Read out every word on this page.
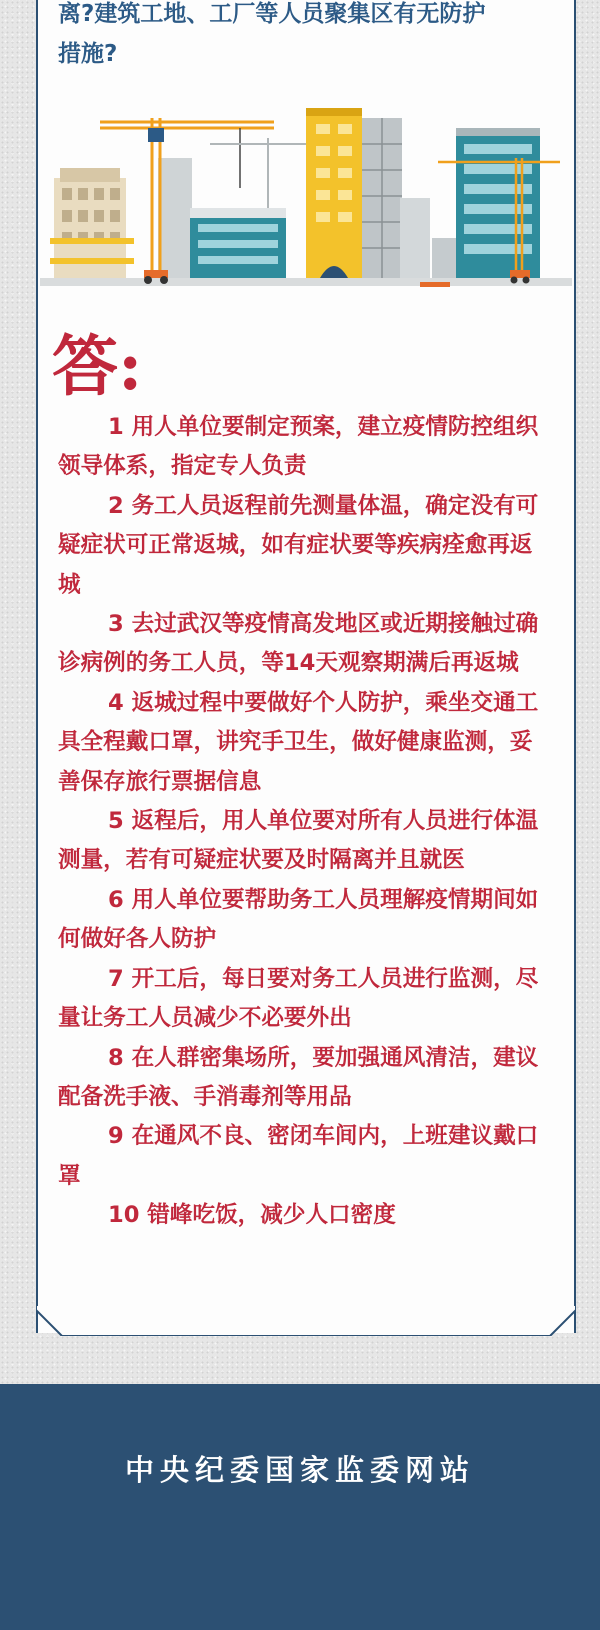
离?建筑工地、工厂等人员聚集区有无防护
措施?
答:
1 用人单位要制定预案，建立疫情防控组织领导体系，指定专人负责
2 务工人员返程前先测量体温，确定没有可疑症状可正常返城，如有症状要等疾病痊愈再返城
3 去过武汉等疫情高发地区或近期接触过确诊病例的务工人员，等14天观察期满后再返城
4 返城过程中要做好个人防护，乘坐交通工具全程戴口罩，讲究手卫生，做好健康监测，妥善保存旅行票据信息
5 返程后，用人单位要对所有人员进行体温测量，若有可疑症状要及时隔离并且就医
6 用人单位要帮助务工人员理解疫情期间如何做好各人防护
7 开工后，每日要对务工人员进行监测，尽量让务工人员减少不必要外出
8 在人群密集场所，要加强通风清洁，建议配备洗手液、手消毒剂等用品
9 在通风不良、密闭车间内，上班建议戴口罩
10 错峰吃饭，减少人口密度

中央纪委国家监委网站
